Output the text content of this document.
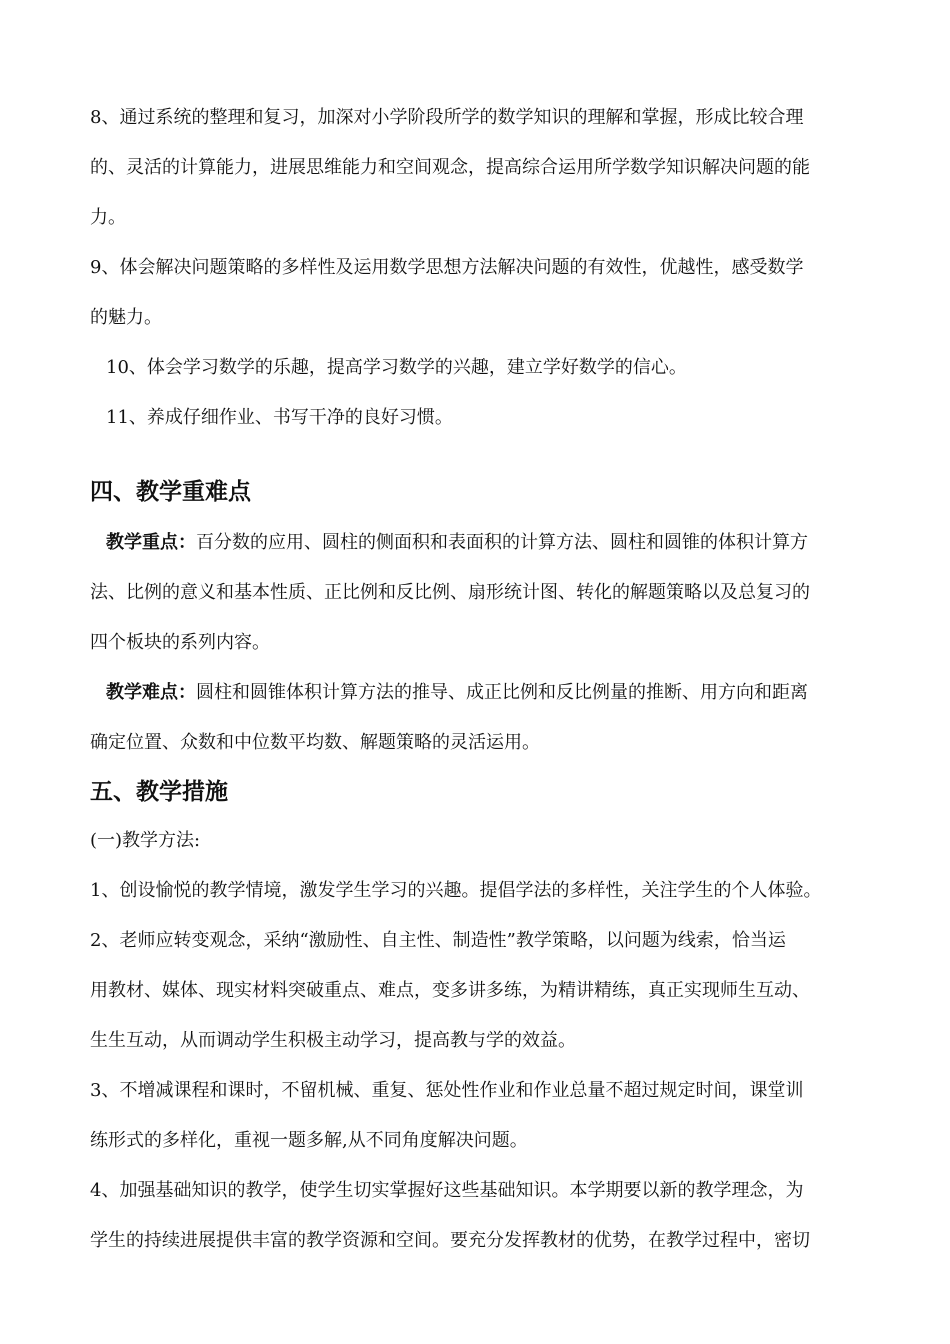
8、通过系统的整理和复习，加深对小学阶段所学的数学知识的理解和掌握，形成比较合理
的、灵活的计算能力，进展思维能力和空间观念，提高综合运用所学数学知识解决问题的能
力。
9、体会解决问题策略的多样性及运用数学思想方法解决问题的有效性，优越性，感受数学
的魅力。
10、体会学习数学的乐趣，提高学习数学的兴趣，建立学好数学的信心。
11、养成仔细作业、书写干净的良好习惯。
四、教学重难点
教学重点：百分数的应用、圆柱的侧面积和表面积的计算方法、圆柱和圆锥的体积计算方
法、比例的意义和基本性质、正比例和反比例、扇形统计图、转化的解题策略以及总复习的
四个板块的系列内容。
教学难点：圆柱和圆锥体积计算方法的推导、成正比例和反比例量的推断、用方向和距离
确定位置、众数和中位数平均数、解题策略的灵活运用。
五、教学措施
(一)教学方法:
1、创设愉悦的教学情境，激发学生学习的兴趣。提倡学法的多样性，关注学生的个人体验。
2、老师应转变观念，采纳“激励性、自主性、制造性”教学策略，以问题为线索，恰当运
用教材、媒体、现实材料突破重点、难点，变多讲多练，为精讲精练，真正实现师生互动、
生生互动，从而调动学生积极主动学习，提高教与学的效益。
3、不增减课程和课时，不留机械、重复、惩处性作业和作业总量不超过规定时间，课堂训
练形式的多样化，重视一题多解,从不同角度解决问题。
4、加强基础知识的教学，使学生切实掌握好这些基础知识。本学期要以新的教学理念，为
学生的持续进展提供丰富的教学资源和空间。要充分发挥教材的优势，在教学过程中，密切
